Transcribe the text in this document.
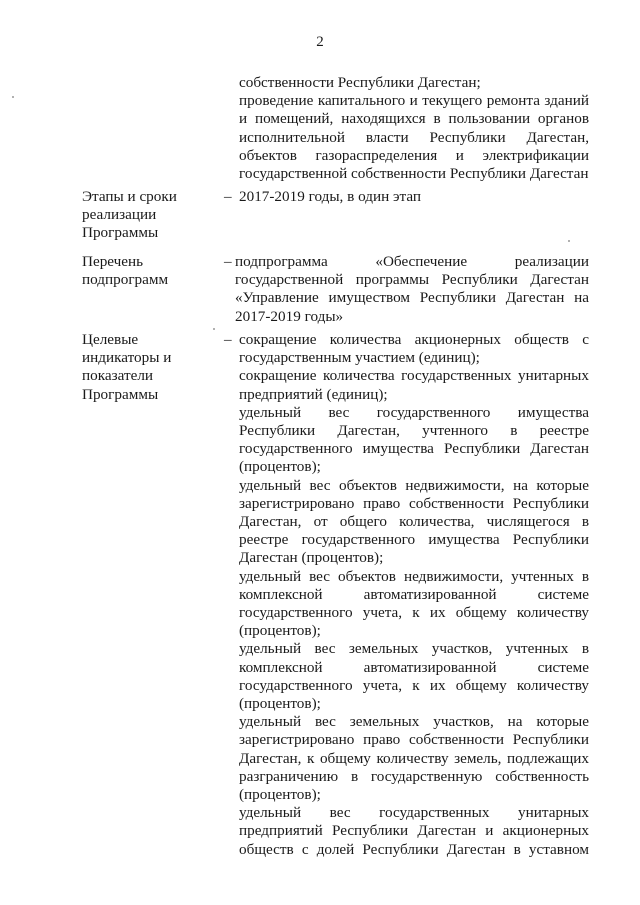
2

собственности Республики Дагестан;

проведение капитального и текущего ремонта зданий и помещений, находящихся в пользовании органов исполнительной власти Республики Дагестан, объектов газораспределения и электрификации государственной собственности Республики Дагестан

Этапы и сроки реализации Программы
– 2017-2019 годы, в один этап

Перечень подпрограмм
– подпрограмма «Обеспечение реализации государственной программы Республики Дагестан «Управление имуществом Республики Дагестан на 2017-2019 годы»

Целевые индикаторы и показатели Программы
– сокращение количества акционерных обществ с государственным участием (единиц);

сокращение количества государственных унитарных предприятий (единиц);

удельный вес государственного имущества Республики Дагестан, учтенного в реестре государственного имущества Республики Дагестан (процентов);

удельный вес объектов недвижимости, на которые зарегистрировано право собственности Республики Дагестан, от общего количества, числящегося в реестре государственного имущества Республики Дагестан (процентов);

удельный вес объектов недвижимости, учтенных в комплексной автоматизированной системе государственного учета, к их общему количеству (процентов);

удельный вес земельных участков, учтенных в комплексной автоматизированной системе государственного учета, к их общему количеству (процентов);

удельный вес земельных участков, на которые зарегистрировано право собственности Республики Дагестан, к общему количеству земель, подлежащих разграничению в государственную собственность (процентов);

удельный вес государственных унитарных предприятий Республики Дагестан и акционерных обществ с долей Республики Дагестан в уставном
